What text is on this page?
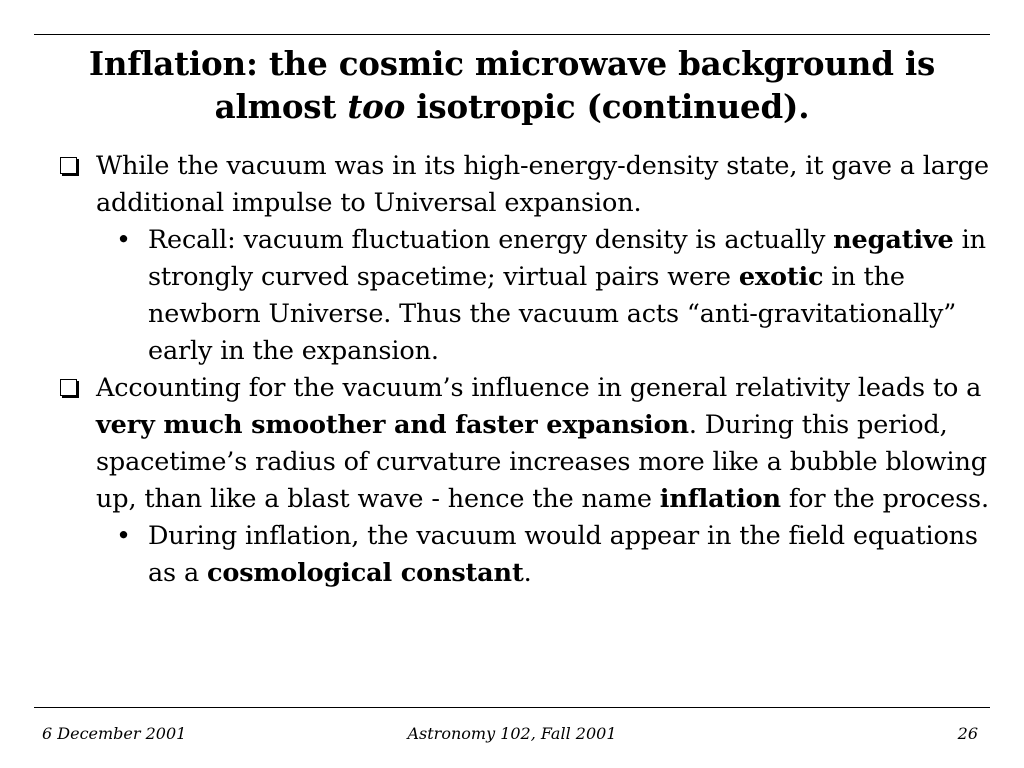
Inflation: the cosmic microwave background is
almost too isotropic (continued).

While the vacuum was in its high-energy-density state, it gave a large additional impulse to Universal expansion.

• Recall: vacuum fluctuation energy density is actually negative in strongly curved spacetime; virtual pairs were exotic in the newborn Universe. Thus the vacuum acts “anti-gravitationally” early in the expansion.

Accounting for the vacuum’s influence in general relativity leads to a very much smoother and faster expansion. During this period, spacetime’s radius of curvature increases more like a bubble blowing up, than like a blast wave - hence the name inflation for the process.

• During inflation, the vacuum would appear in the field equations as a cosmological constant.

6 December 2001	Astronomy 102, Fall 2001	26
